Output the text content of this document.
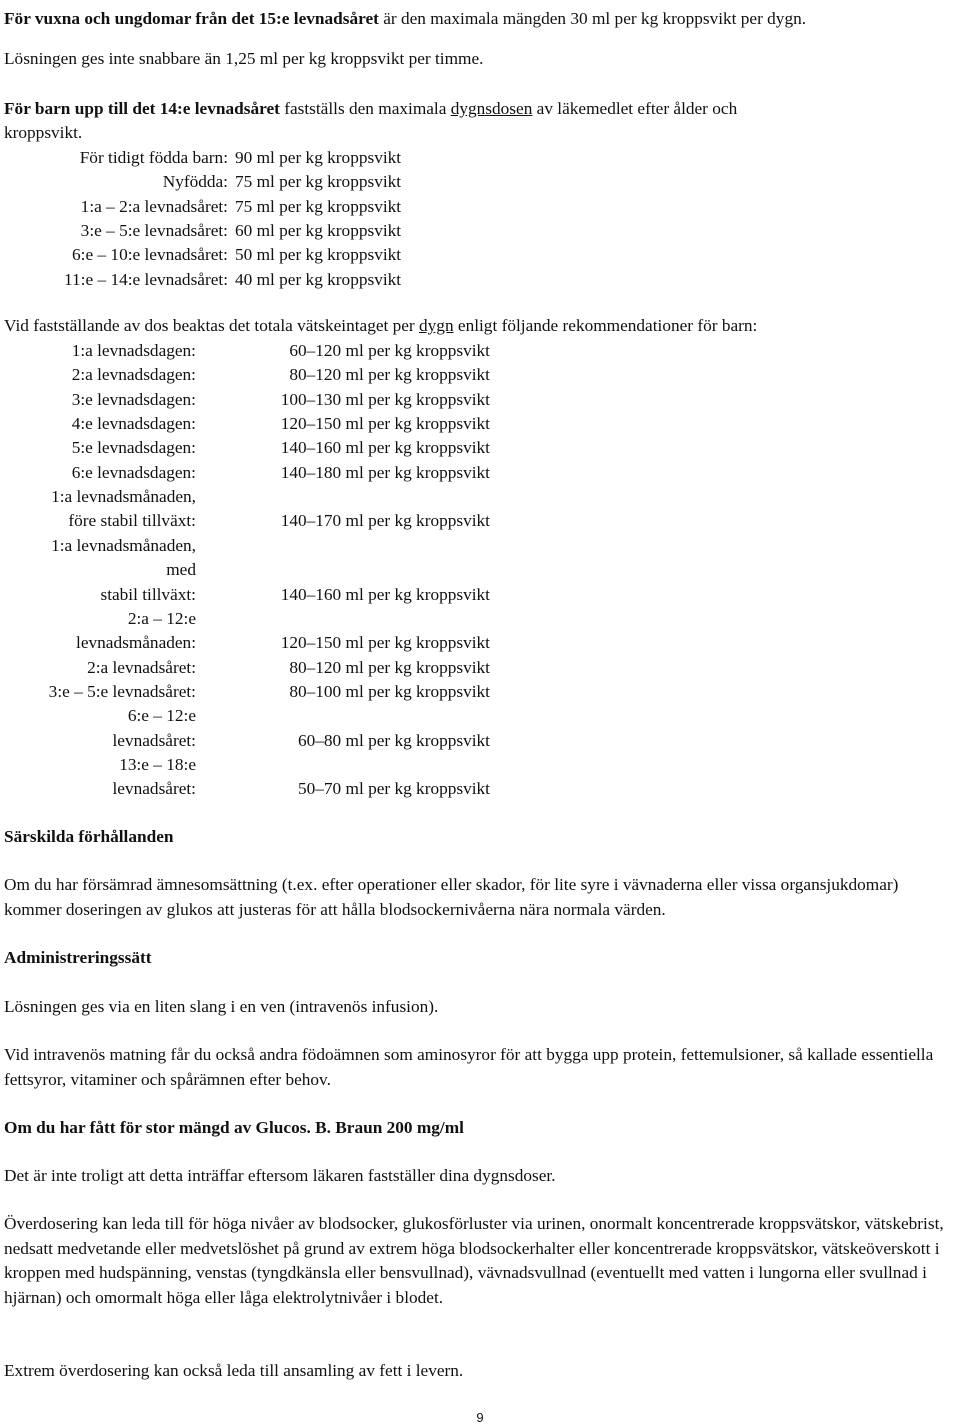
För vuxna och ungdomar från det 15:e levnadsåret är den maximala mängden 30 ml per kg kroppsvikt per dygn.

Lösningen ges inte snabbare än 1,25 ml per kg kroppsvikt per timme.

För barn upp till det 14:e levnadsåret fastställs den maximala dygnsdosen av läkemedlet efter ålder och

kroppsvikt.

För tidigt födda barn: 90 ml per kg kroppsvikt
Nyfödda: 75 ml per kg kroppsvikt
1:a – 2:a levnadsåret: 75 ml per kg kroppsvikt
3:e – 5:e levnadsåret: 60 ml per kg kroppsvikt
6:e – 10:e levnadsåret: 50 ml per kg kroppsvikt
11:e – 14:e levnadsåret: 40 ml per kg kroppsvikt

Vid fastställande av dos beaktas det totala vätskeintaget per dygn enligt följande rekommendationer för barn:

1:a levnadsdagen:	60–120 ml per kg kroppsvikt
2:a levnadsdagen:	80–120 ml per kg kroppsvikt
3:e levnadsdagen:	100–130 ml per kg kroppsvikt
4:e levnadsdagen:	120–150 ml per kg kroppsvikt
5:e levnadsdagen:	140–160 ml per kg kroppsvikt
6:e levnadsdagen:	140–180 ml per kg kroppsvikt
1:a levnadsmånaden,
före stabil tillväxt:	140–170 ml per kg kroppsvikt
1:a levnadsmånaden,
med
stabil tillväxt:	140–160 ml per kg kroppsvikt
2:a – 12:e
levnadsmånaden:	120–150 ml per kg kroppsvikt
2:a levnadsåret:	80–120 ml per kg kroppsvikt
3:e – 5:e levnadsåret:	80–100 ml per kg kroppsvikt
6:e – 12:e
levnadsåret:	60–80 ml per kg kroppsvikt
13:e – 18:e
levnadsåret:	50–70 ml per kg kroppsvikt

Särskilda förhållanden

Om du har försämrad ämnesomsättning (t.ex. efter operationer eller skador, för lite syre i vävnaderna eller vissa organsjukdomar) kommer doseringen av glukos att justeras för att hålla blodsockernivåerna nära normala värden.

Administreringssätt

Lösningen ges via en liten slang i en ven (intravenös infusion).

Vid intravenös matning får du också andra födoämnen som aminosyror för att bygga upp protein, fettemulsioner, så kallade essentiella fettsyror, vitaminer och spårämnen efter behov.

Om du har fått för stor mängd av Glucos. B. Braun 200 mg/ml

Det är inte troligt att detta inträffar eftersom läkaren fastställer dina dygnsdoser.

Överdosering kan leda till för höga nivåer av blodsocker, glukosförluster via urinen, onormalt koncentrerade kroppsvätskor, vätskebrist, nedsatt medvetande eller medvetslöshet på grund av extrem höga blodsockerhalter eller koncentrerade kroppsvätskor, vätskeöverskott i kroppen med hudspänning, venstas (tyngdkänsla eller bensvullnad), vävnadsvullnad (eventuellt med vatten i lungorna eller svullnad i hjärnan) och omormalt höga eller låga elektrolytnivåer i blodet.

Extrem överdosering kan också leda till ansamling av fett i levern.

9
